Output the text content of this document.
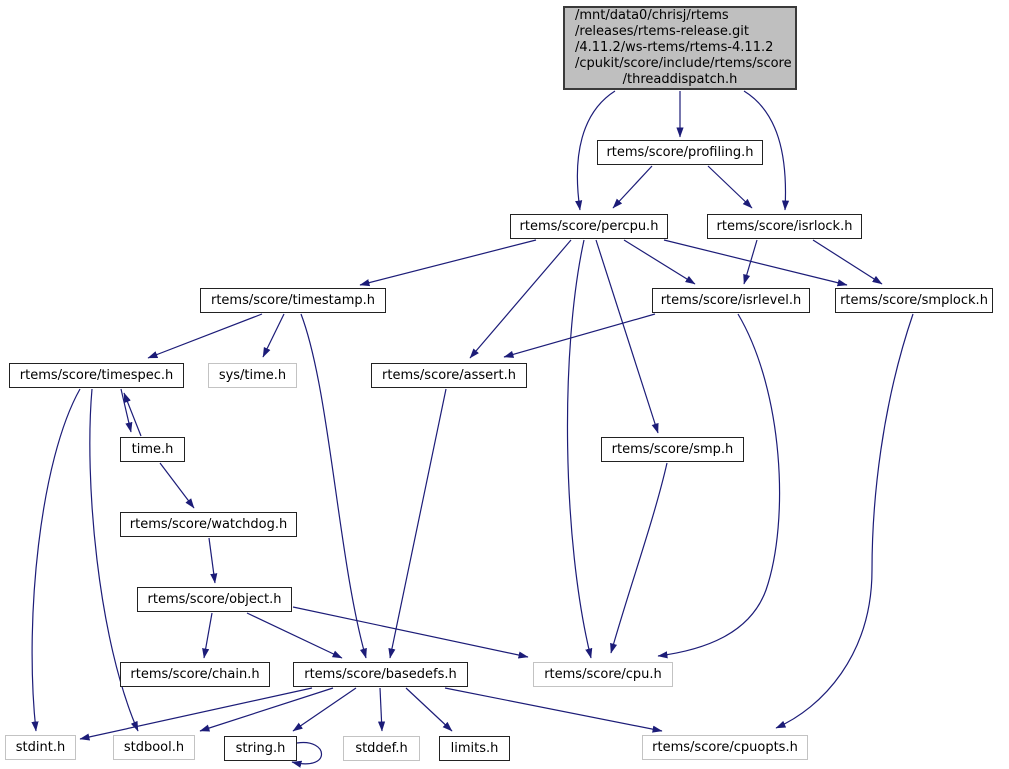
/mnt/data0/chrisj/rtems
/releases/rtems-release.git
/4.11.2/ws-rtems/rtems-4.11.2
/cpukit/score/include/rtems/score
/threaddispatch.h
rtems/score/profiling.h
rtems/score/percpu.h	rtems/score/isrlock.h
rtems/score/timestamp.h	rtems/score/isrlevel.h	rtems/score/smplock.h
rtems/score/timespec.h	sys/time.h	rtems/score/assert.h
time.h	rtems/score/smp.h
rtems/score/watchdog.h
rtems/score/object.h
rtems/score/chain.h	rtems/score/basedefs.h	rtems/score/cpu.h
stdint.h	stdbool.h	string.h	stddef.h	limits.h	rtems/score/cpuopts.h
